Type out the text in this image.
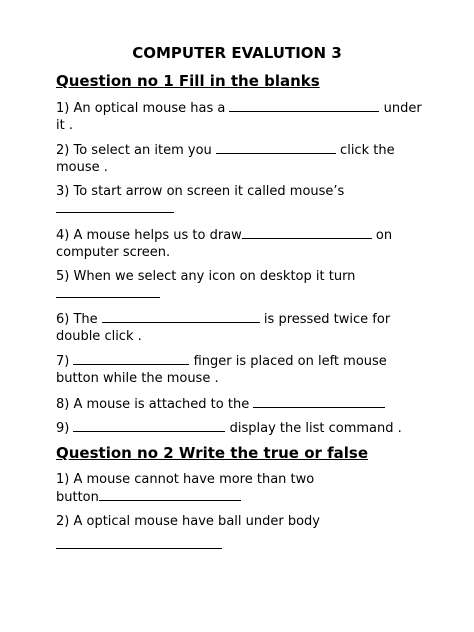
COMPUTER EVALUTION 3
Question no 1 Fill in the blanks
1) An optical mouse has a	under
it .
2) To select an item you	click the
mouse .
3) To start arrow on screen it called mouse’s

4) A mouse helps us to draw	on
computer screen.
5) When we select any icon on desktop it turn

6) The	is pressed twice for
double click .
7)	finger is placed on left mouse
button while the mouse .
8) A mouse is attached to the
9)	display the list command .
Question no 2 Write the true or false
1) A mouse cannot have more than two
button
2) A optical mouse have ball under body
